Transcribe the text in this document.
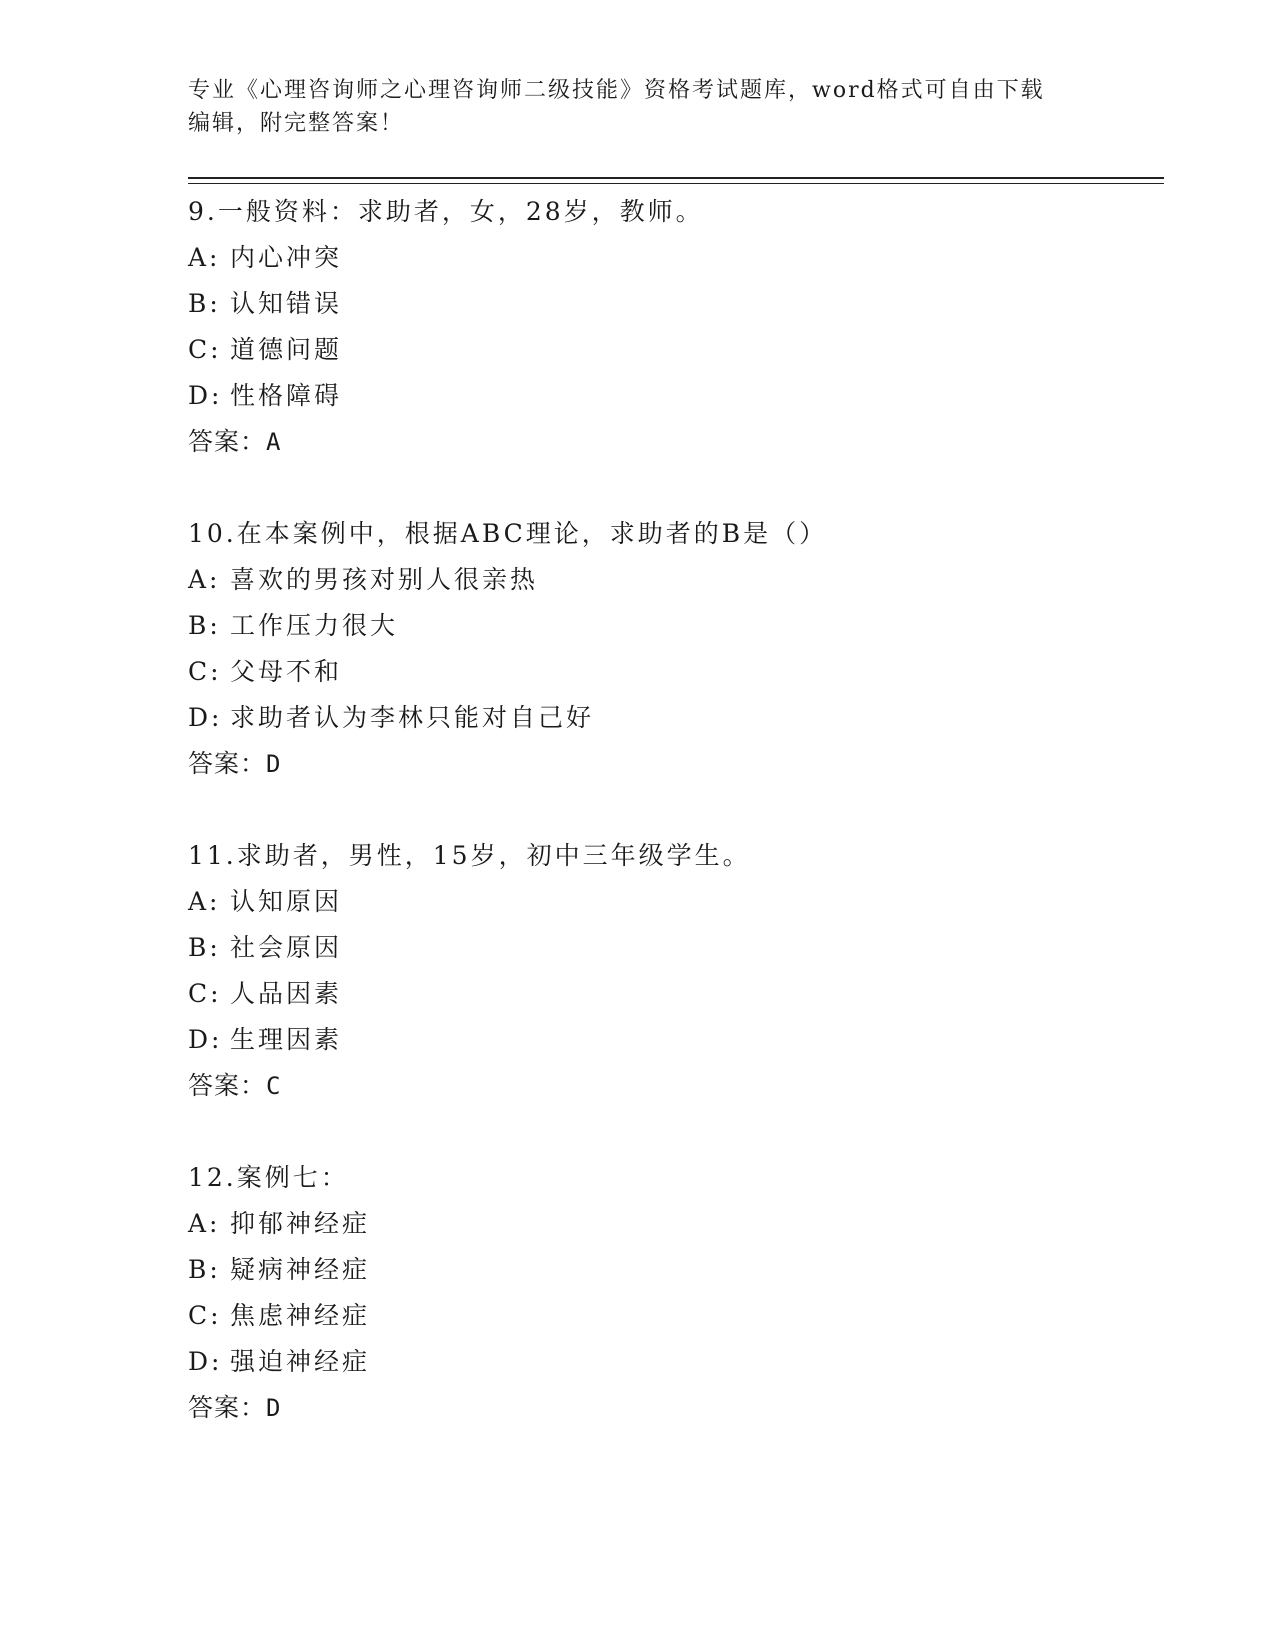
专业《心理咨询师之心理咨询师二级技能》资格考试题库，word格式可自由下载
编辑，附完整答案！
9.一般资料：求助者，女，28岁，教师。
A: 内心冲突
B: 认知错误
C: 道德问题
D: 性格障碍
答案：A
10.在本案例中，根据ABC理论，求助者的B是（）
A: 喜欢的男孩对别人很亲热
B: 工作压力很大
C: 父母不和
D: 求助者认为李林只能对自己好
答案：D
11.求助者，男性，15岁，初中三年级学生。
A: 认知原因
B: 社会原因
C: 人品因素
D: 生理因素
答案：C
12.案例七：
A: 抑郁神经症
B: 疑病神经症
C: 焦虑神经症
D: 强迫神经症
答案：D
